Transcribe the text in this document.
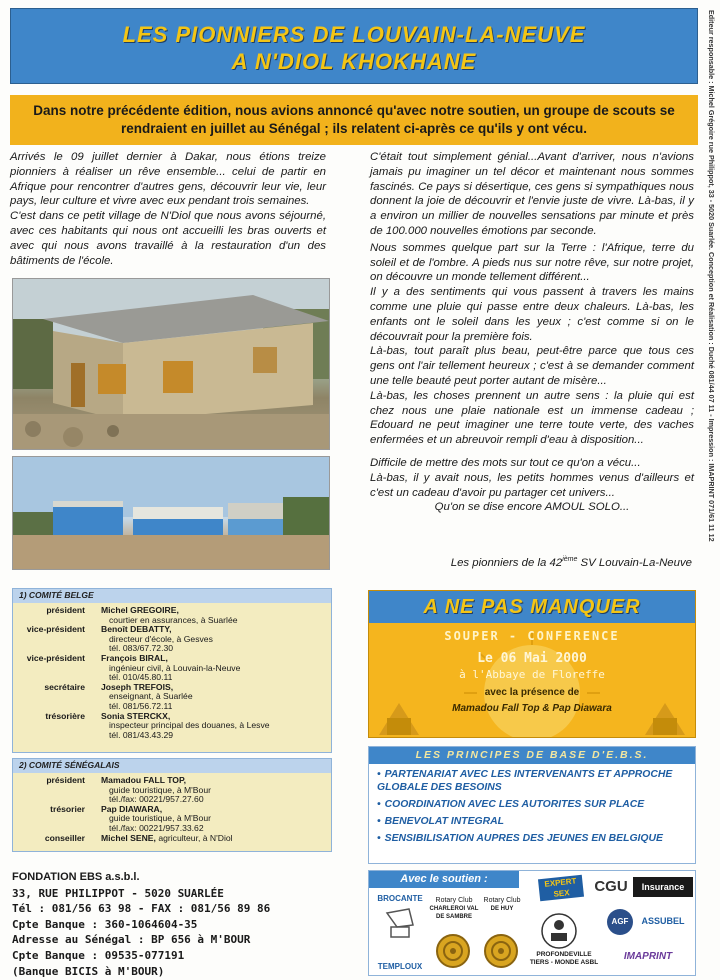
LES PIONNIERS DE LOUVAIN-LA-NEUVE
A N'DIOL KHOKHANE
Dans notre précédente édition, nous avions annoncé qu'avec notre soutien, un groupe de scouts se rendraient en juillet au Sénégal ; ils relatent ci-après ce qu'ils y ont vécu.

Arrivés le 09 juillet dernier à Dakar, nous étions treize pionniers à réaliser un rêve ensemble... celui de partir en Afrique pour rencontrer d'autres gens, découvrir leur vie, leur pays, leur culture et vivre avec eux pendant trois semaines.

C'est dans ce petit village de N'Diol que nous avons séjourné, avec ces habitants qui nous ont accueilli les bras ouverts et avec qui nous avons travaillé à la restauration d'un des bâtiments de l'école.

C'était tout simplement génial...Avant d'arriver, nous n'avions jamais pu imaginer un tel décor et maintenant nous sommes fascinés. Ce pays si désertique, ces gens si sympathiques nous donnent la joie de découvrir et l'envie juste de vivre. Là-bas, il y a environ un millier de nouvelles sensations par minute et près de 100.000 nouvelles émotions par seconde.

Nous sommes quelque part sur la Terre : l'Afrique, terre du soleil et de l'ombre. A pieds nus sur notre rêve, sur notre projet, on découvre un monde tellement différent...

Il y a des sentiments qui vous passent à travers les mains comme une pluie qui passe entre deux chaleurs. Là-bas, les enfants ont le soleil dans les yeux ; c'est comme si on le découvrait pour la première fois.

Là-bas, tout paraît plus beau, peut-être parce que tous ces gens ont l'air tellement heureux ; c'est à se demander comment une telle beauté peut porter autant de misère...

Là-bas, les choses prennent un autre sens : la pluie qui est chez nous une plaie nationale est un immense cadeau ; Edouard ne peut imaginer une terre toute verte, des vaches enfermées et un abreuvoir rempli d'eau à disposition...

Difficile de mettre des mots sur tout ce qu'on a vécu...

Là-bas, il y avait nous, les petits hommes venus d'ailleurs et c'est un cadeau d'avoir pu partager cet univers...

Qu'on se dise encore AMOUL SOLO...

Les pionniers de la 42ième SV Louvain-La-Neuve
1) COMITÉ BELGE
président	Michel GREGOIRE,
courtier en assurances, à Suarlée
vice-président	Benoît DEBATTY,
directeur d'école, à Gesves
tél. 083/67.72.30
vice-président	François BIRAL,
ingénieur civil, à Louvain-la-Neuve
tél. 010/45.80.11
secrétaire	Joseph TREFOIS,
enseignant, à Suarlée
tél. 081/56.72.11
trésorière	Sonia STERCKX,
inspecteur principal des douanes, à Lesve
tél. 081/43.43.29
2) COMITÉ SÉNÉGALAIS
président	Mamadou FALL TOP,
guide touristique, à M'Bour
tél./fax: 00221/957.27.60
trésorier	Pap DIAWARA,
guide touristique, à M'Bour
tél./fax: 00221/957.33.62
conseiller	Michel SENE, agriculteur, à N'Diol
A NE PAS MANQUER
SOUPER - CONFERENCE
Le 06 Mai 2000
à l'Abbaye de Floreffe
avec la présence de
Mamadou Fall Top & Pap Diawara
LES PRINCIPES DE BASE D'E.B.S.
• PARTENARIAT AVEC LES INTERVENANTS ET APPROCHE GLOBALE DES BESOINS
• COORDINATION AVEC LES AUTORITES SUR PLACE
• BENEVOLAT INTEGRAL
• SENSIBILISATION AUPRES DES JEUNES EN BELGIQUE
FONDATION EBS a.s.b.l.
33, RUE PHILIPPOT - 5020 SUARLÉE
Tél : 081/56 63 98 - FAX : 081/56 89 86
Cpte Banque : 360-1064604-35
Adresse au Sénégal : BP 656 à M'BOUR
Cpte Banque : 09535-077191
(Banque BICIS à M'BOUR)
Avec le soutien :	EXPERT SEX	CGU	Insurance
BROCANTE
TEMPLOUX
Rotary Club
CHARLEROI VAL DE SAMBRE
Rotary Club
DE HUY
PROFONDEVILLE TIERS - MONDE ASBL
AGF	ASSUBEL
IMAPRINT
Editeur responsable : Michel Grégoire rue Philippot, 33 - 5020 Suarlée. Conception et Réalisation : Duché 081/44 07 11 - Impression : IMAPRINT 071/61 11 12
